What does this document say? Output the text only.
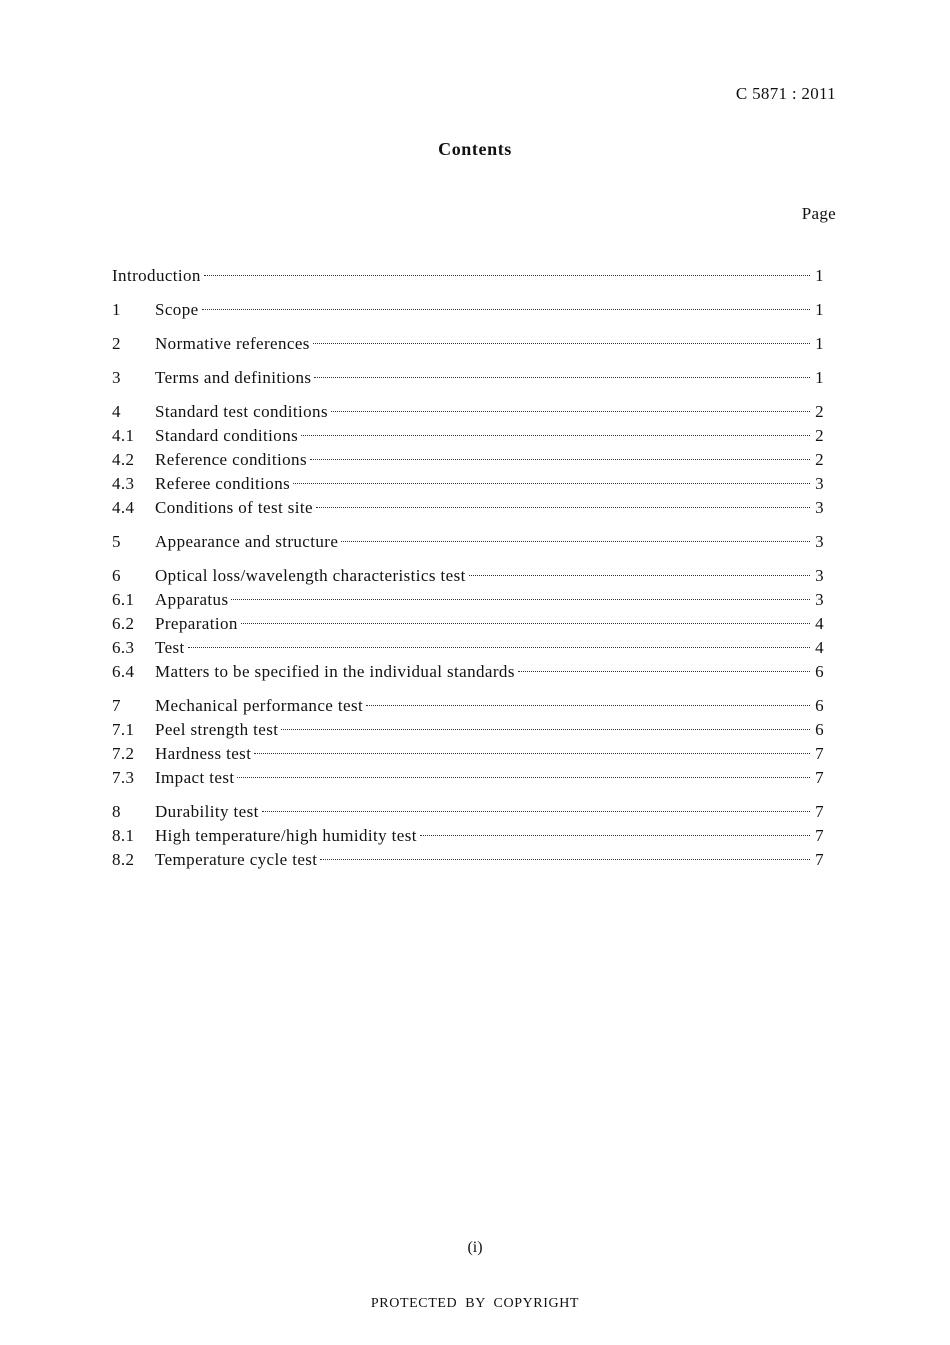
C 5871 : 2011
Contents
Page
Introduction	1
1	Scope	1
2	Normative references	1
3	Terms and definitions	1
4	Standard test conditions	2
4.1	Standard conditions	2
4.2	Reference conditions	2
4.3	Referee conditions	3
4.4	Conditions of test site	3
5	Appearance and structure	3
6	Optical loss/wavelength characteristics test	3
6.1	Apparatus	3
6.2	Preparation	4
6.3	Test	4
6.4	Matters to be specified in the individual standards	6
7	Mechanical performance test	6
7.1	Peel strength test	6
7.2	Hardness test	7
7.3	Impact test	7
8	Durability test	7
8.1	High temperature/high humidity test	7
8.2	Temperature cycle test	7
(i)
PROTECTED BY COPYRIGHT
